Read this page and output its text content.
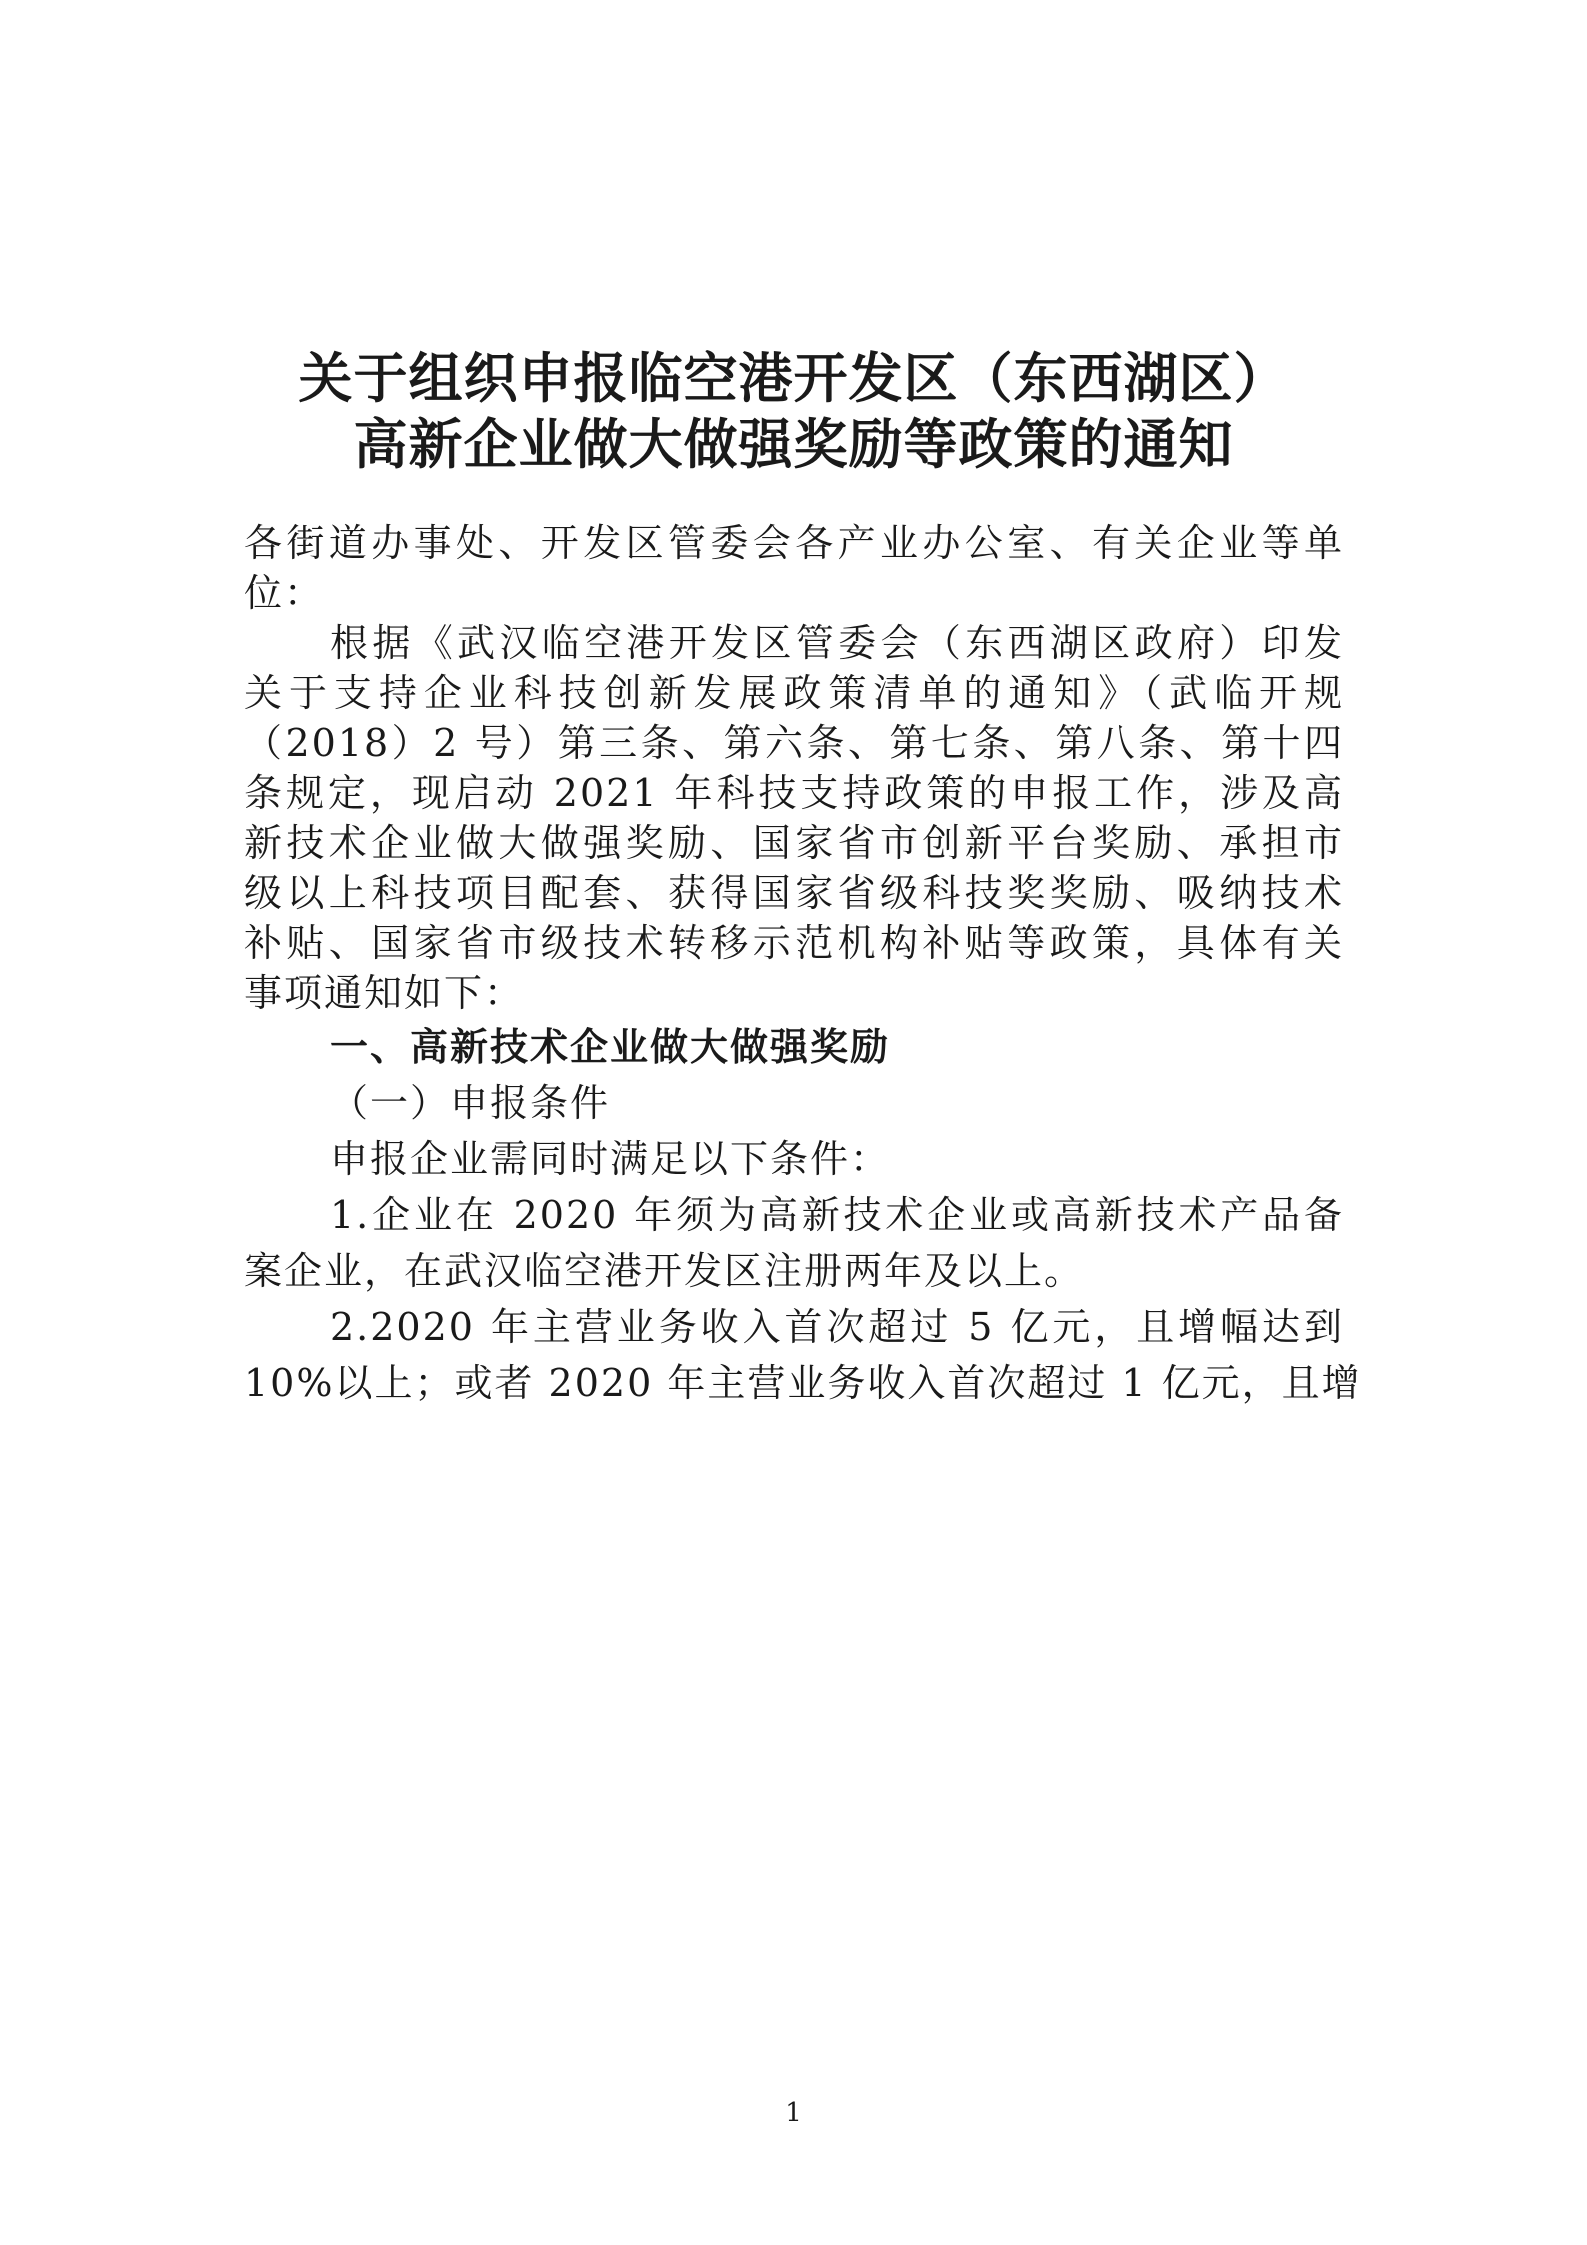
关于组织申报临空港开发区（东西湖区）
高新企业做大做强奖励等政策的通知
各街道办事处、开发区管委会各产业办公室、有关企业等单
位：
根据《武汉临空港开发区管委会（东西湖区政府）印发
关于支持企业科技创新发展政策清单的通知》（武临开规
（2018）2 号）第三条、第六条、第七条、第八条、第十四
条规定，现启动 2021 年科技支持政策的申报工作，涉及高
新技术企业做大做强奖励、国家省市创新平台奖励、承担市
级以上科技项目配套、获得国家省级科技奖奖励、吸纳技术
补贴、国家省市级技术转移示范机构补贴等政策，具体有关
事项通知如下：
一、高新技术企业做大做强奖励
（一）申报条件
申报企业需同时满足以下条件：
1.企业在 2020 年须为高新技术企业或高新技术产品备
案企业，在武汉临空港开发区注册两年及以上。
2.2020 年主营业务收入首次超过 5 亿元，且增幅达到
10%以上；或者 2020 年主营业务收入首次超过 1 亿元，且增
1
